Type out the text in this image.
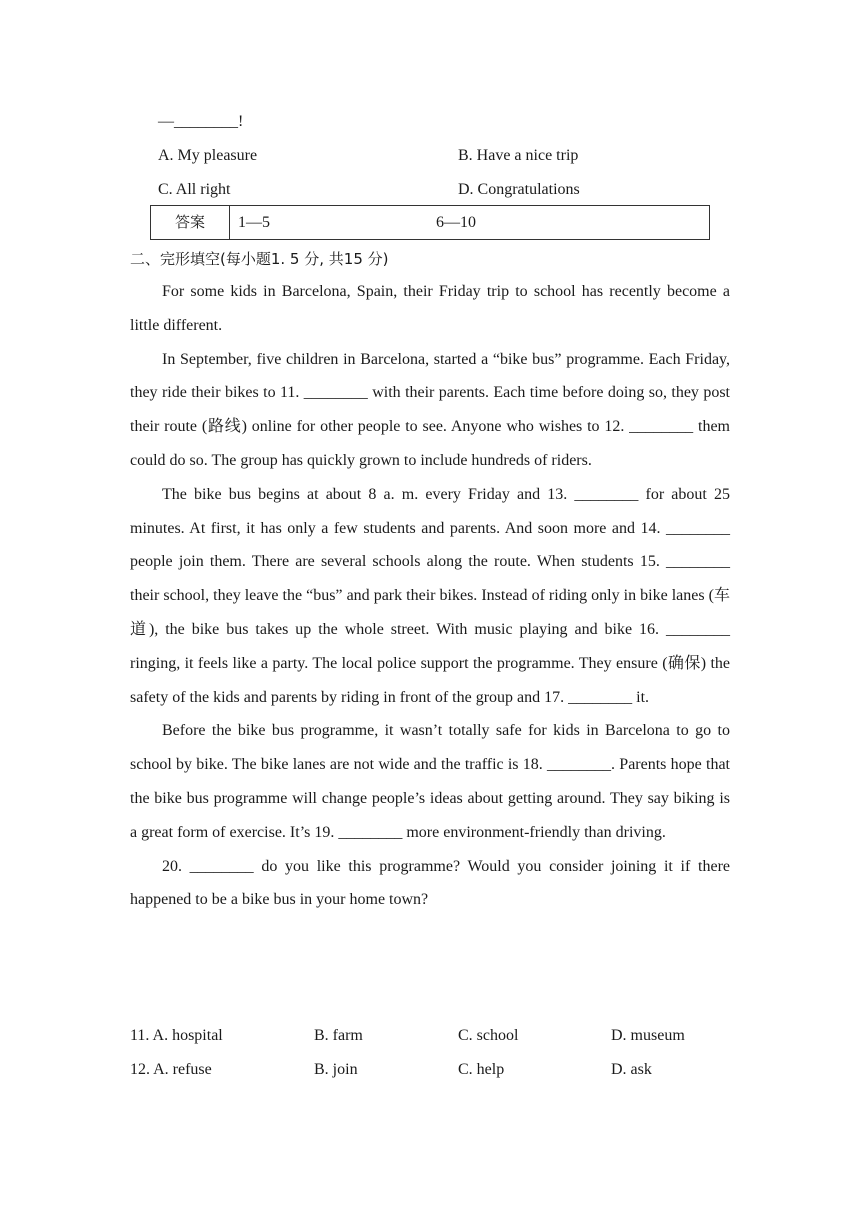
—________!
A. My pleasure	B. Have a nice trip
C. All right	D. Congratulations
答案	1—5	6—10
二、完形填空(每小题1. 5 分, 共15 分)

For some kids in Barcelona, Spain, their Friday trip to school has recently become a little different.

In September, five children in Barcelona, started a “bike bus” programme. Each Friday, they ride their bikes to 11. ________ with their parents. Each time before doing so, they post their route (路线) online for other people to see. Anyone who wishes to 12. ________ them could do so. The group has quickly grown to include hundreds of riders.

The bike bus begins at about 8 a. m. every Friday and 13. ________ for about 25 minutes. At first, it has only a few students and parents. And soon more and 14. ________ people join them. There are several schools along the route. When students 15. ________ their school, they leave the “bus” and park their bikes. Instead of riding only in bike lanes (车道), the bike bus takes up the whole street. With music playing and bike 16. ________ ringing, it feels like a party. The local police support the programme. They ensure (确保) the safety of the kids and parents by riding in front of the group and 17. ________ it.

Before the bike bus programme, it wasn’t totally safe for kids in Barcelona to go to school by bike. The bike lanes are not wide and the traffic is 18. ________. Parents hope that the bike bus programme will change people’s ideas about getting around. They say biking is a great form of exercise. It’s 19. ________ more environment-friendly than driving.

20. ________ do you like this programme? Would you consider joining it if there happened to be a bike bus in your home town?

11. A. hospital	B. farm	C. school	D. museum
12. A. refuse	B. join	C. help	D. ask
